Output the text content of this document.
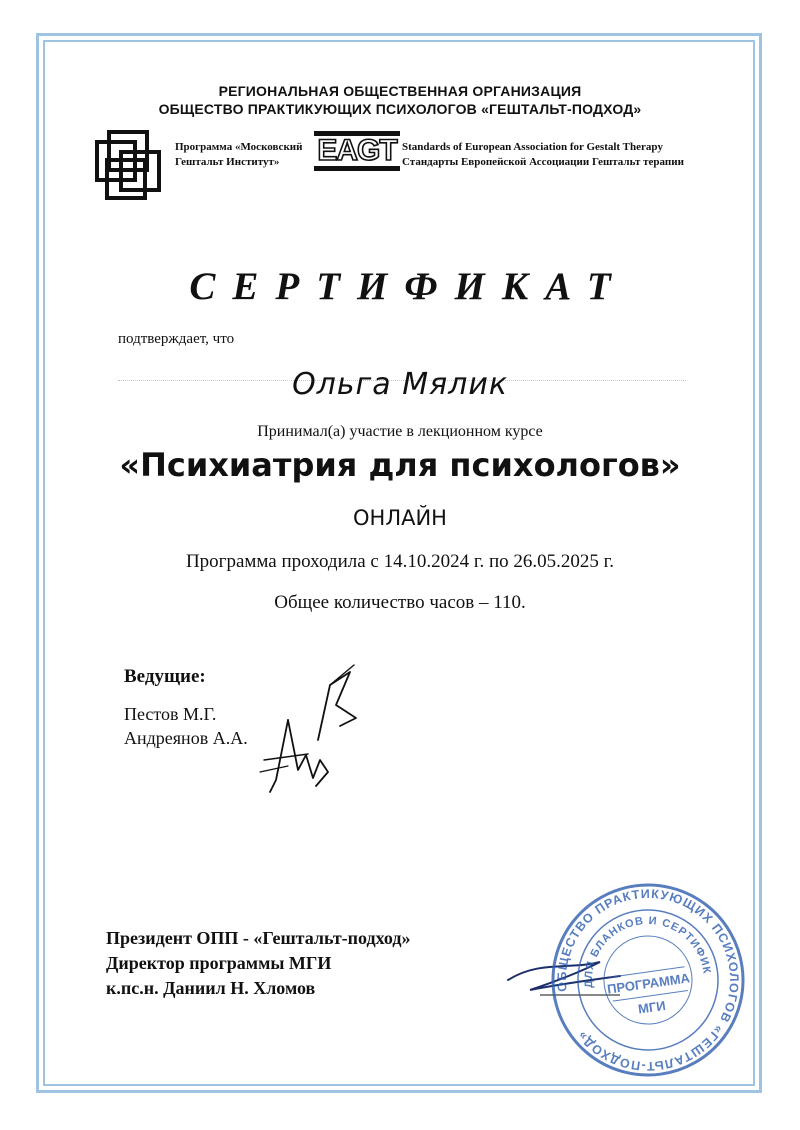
РЕГИОНАЛЬНАЯ ОБЩЕСТВЕННАЯ ОРГАНИЗАЦИЯ
ОБЩЕСТВО ПРАКТИКУЮЩИХ ПСИХОЛОГОВ «ГЕШТАЛЬТ-ПОДХОД»
Программа «Московский
Гештальт Институт»	EAGT Standards of European Association for Gestalt Therapy
Стандарты Европейской Ассоциации Гештальт терапии
СЕРТИФИКАТ
подтверждает, что
Ольга Мялик
Принимал(а) участие в лекционном курсе
«Психиатрия для психологов»
ОНЛАЙН
Программа проходила с 14.10.2024 г. по 26.05.2025 г.
Общее количество часов – 110.
Ведущие:
Пестов М.Г.
Андреянов А.А.
Президент ОПП - «Гештальт-подход»
Директор программы МГИ
к.пс.н. Даниил Н. Хломов	ОБЩЕСТВО ПРАКТИКУЮЩИХ ПСИХОЛОГОВ «ГЕШТАЛЬТ-ПОДХОД»
ДЛЯ БЛАНКОВ И СЕРТИФИКАТОВ
ПРОГРАММА
МГИ
